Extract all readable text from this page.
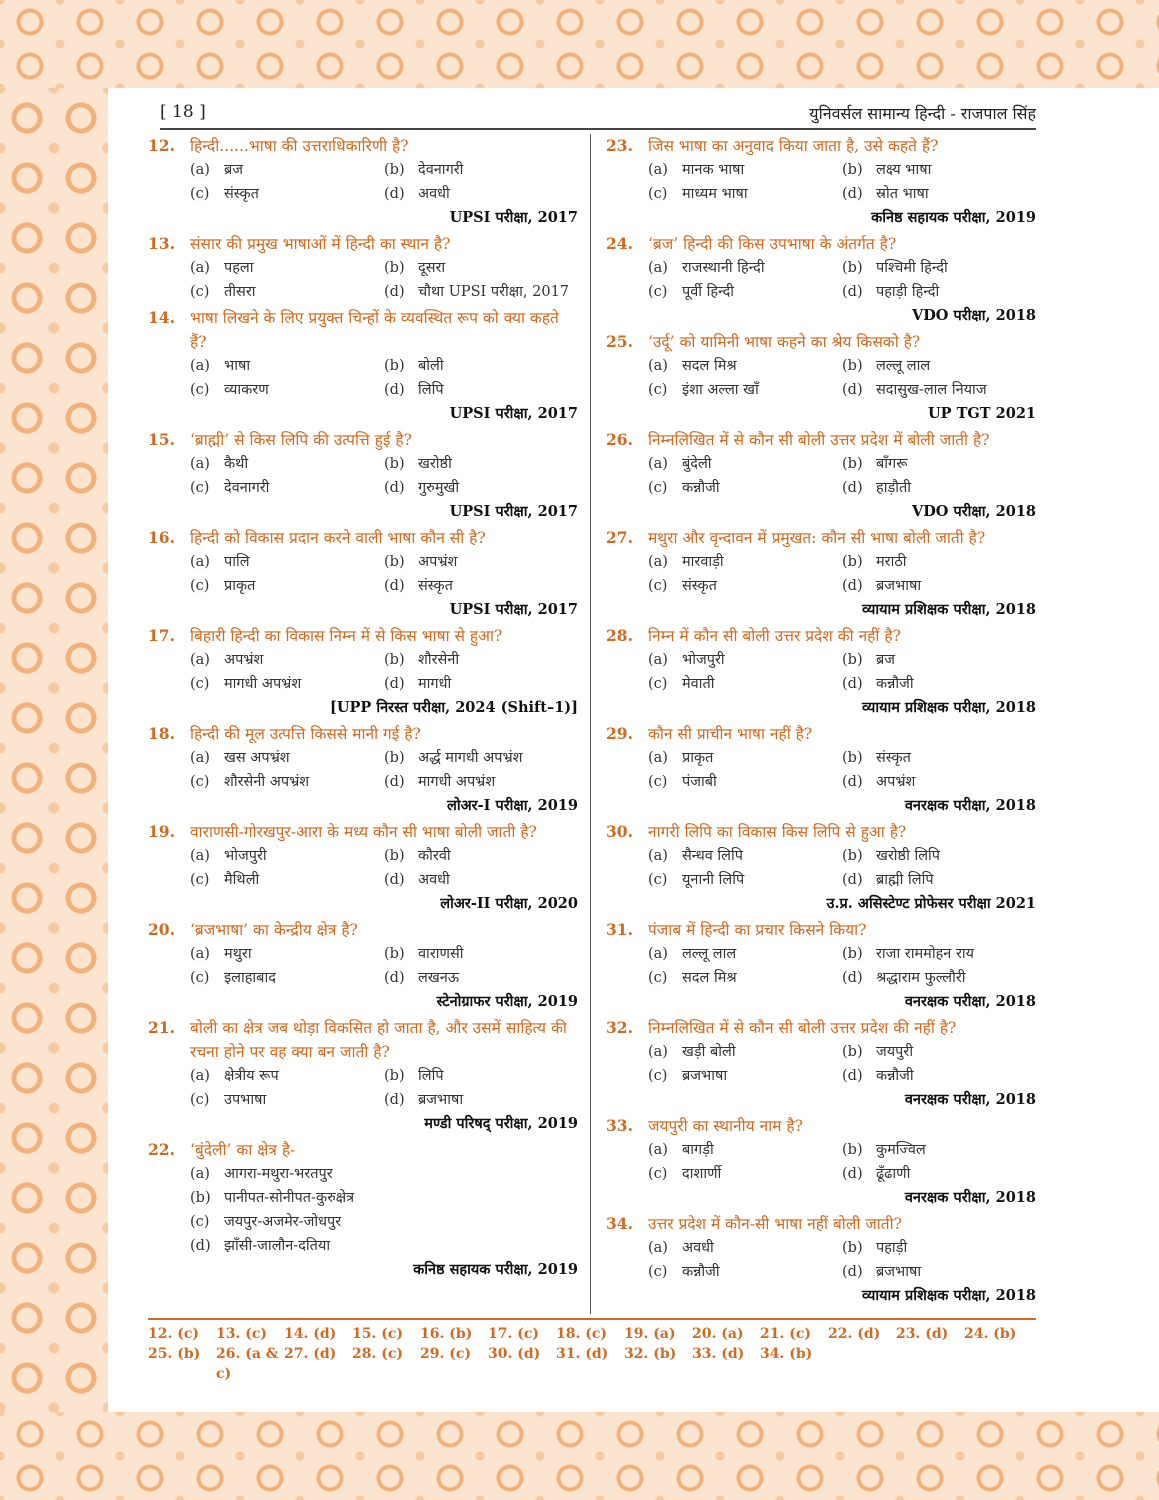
[ 18 ]	युनिवर्सल सामान्य हिन्दी - राजपाल सिंह
12. हिन्दी......भाषा की उत्तराधिकारिणी है?
(a) ब्रज	(b) देवनागरी
(c)	संस्कृत	(d) अवधी
UPSI परीक्षा, 2017
13. संसार की प्रमुख भाषाओं में हिन्दी का स्थान है?
(a) पहला	(b) दूसरा
(c)	तीसरा	(d) चौथा UPSI परीक्षा, 2017
14. भाषा लिखने के लिए प्रयुक्त चिन्हों के व्यवस्थित रूप को क्या कहते हैं?
(a) भाषा	(b) बोली
(c)	व्याकरण	(d) लिपि
UPSI परीक्षा, 2017
15. ‘ब्राह्मी’ से किस लिपि की उत्पत्ति हुई है?
(a) कैथी	(b) खरोष्ठी
(c)	देवनागरी	(d) गुरुमुखी
UPSI परीक्षा, 2017
16. हिन्दी को विकास प्रदान करने वाली भाषा कौन सी है?
(a) पालि	(b) अपभ्रंश
(c)	प्राकृत	(d) संस्कृत
UPSI परीक्षा, 2017
17. बिहारी हिन्दी का विकास निम्न में से किस भाषा से हुआ?
(a) अपभ्रंश	(b) शौरसेनी
(c)	मागधी अपभ्रंश	(d) मागधी
[UPP निरस्त परीक्षा, 2024 (Shift–1)]
18. हिन्दी की मूल उत्पत्ति किससे मानी गई है?
(a) खस अपभ्रंश	(b) अर्द्ध मागधी अपभ्रंश
(c)	शौरसेनी अपभ्रंश	(d) मागधी अपभ्रंश
लोअर-I परीक्षा, 2019
19. वाराणसी-गोरखपुर-आरा के मध्य कौन सी भाषा बोली जाती है?
(a) भोजपुरी	(b) कौरवी
(c)	मैथिली	(d) अवधी
लोअर-II परीक्षा, 2020
20. ‘ब्रजभाषा’ का केन्द्रीय क्षेत्र है?
(a) मथुरा	(b) वाराणसी
(c)	इलाहाबाद	(d) लखनऊ
स्टेनोग्राफर परीक्षा, 2019
21. बोली का क्षेत्र जब थोड़ा विकसित हो जाता है, और उसमें साहित्य की रचना होने पर वह क्या बन जाती है?
(a) क्षेत्रीय रूप	(b) लिपि
(c)	उपभाषा	(d) ब्रजभाषा
मण्डी परिषद् परीक्षा, 2019
22. ‘बुंदेली’ का क्षेत्र है-
(a) आगरा-मथुरा-भरतपुर
(b) पानीपत-सोनीपत-कुरुक्षेत्र
(c)	जयपुर-अजमेर-जोधपुर
(d) झाँसी-जालौन-दतिया
कनिष्ठ सहायक परीक्षा, 2019
23. जिस भाषा का अनुवाद किया जाता है, उसे कहते हैं?
(a) मानक भाषा	(b) लक्ष्य भाषा
(c)	माध्यम भाषा	(d) स्रोत भाषा
कनिष्ठ सहायक परीक्षा, 2019
24. ‘ब्रज’ हिन्दी की किस उपभाषा के अंतर्गत है?
(a) राजस्थानी हिन्दी	(b) पश्चिमी हिन्दी
(c)	पूर्वी हिन्दी	(d) पहाड़ी हिन्दी
VDO परीक्षा, 2018
25. ‘उर्दू’ को यामिनी भाषा कहने का श्रेय किसको है?
(a) सदल मिश्र	(b) लल्लू लाल
(c)	इंशा अल्ला खाँ	(d) सदासुख-लाल नियाज
UP TGT 2021
26. निम्नलिखित में से कौन सी बोली उत्तर प्रदेश में बोली जाती है?
(a) बुंदेली	(b) बाँगरू
(c)	कन्नौजी	(d) हाड़ौती
VDO परीक्षा, 2018
27. मथुरा और वृन्दावन में प्रमुखत: कौन सी भाषा बोली जाती है?
(a) मारवाड़ी	(b) मराठी
(c)	संस्कृत	(d) ब्रजभाषा
व्यायाम प्रशिक्षक परीक्षा, 2018
28. निम्न में कौन सी बोली उत्तर प्रदेश की नहीं है?
(a) भोजपुरी	(b) ब्रज
(c)	मेवाती	(d) कन्नौजी
व्यायाम प्रशिक्षक परीक्षा, 2018
29. कौन सी प्राचीन भाषा नहीं है?
(a) प्राकृत	(b) संस्कृत
(c)	पंजाबी	(d) अपभ्रंश
वनरक्षक परीक्षा, 2018
30. नागरी लिपि का विकास किस लिपि से हुआ है?
(a) सैन्धव लिपि	(b) खरोष्ठी लिपि
(c)	यूनानी लिपि	(d) ब्राह्मी लिपि
उ.प्र. असिस्टेण्ट प्रोफेसर परीक्षा 2021
31. पंजाब में हिन्दी का प्रचार किसने किया?
(a) लल्लू लाल	(b) राजा राममोहन राय
(c)	सदल मिश्र	(d) श्रद्धाराम फुल्लौरी
वनरक्षक परीक्षा, 2018
32. निम्नलिखित में से कौन सी बोली उत्तर प्रदेश की नहीं है?
(a) खड़ी बोली	(b) जयपुरी
(c)	ब्रजभाषा	(d) कन्नौजी
वनरक्षक परीक्षा, 2018
33. जयपुरी का स्थानीय नाम है?
(a) बागड़ी	(b) कुमज्विल
(c)	दाशार्णी	(d) ढूँढाणी
वनरक्षक परीक्षा, 2018
34. उत्तर प्रदेश में कौन-सी भाषा नहीं बोली जाती?
(a) अवधी	(b) पहाड़ी
(c)	कन्नौजी	(d) ब्रजभाषा
व्यायाम प्रशिक्षक परीक्षा, 2018
12. (c)	13. (c)	14. (d)	15. (c)	16. (b)	17. (c)	18. (c)	19. (a)	20. (a)	21. (c)	22. (d)	23. (d)	24. (b)
25. (b)	26. (a & c)
27. (d)	28. (c)	29. (c)	30. (d)	31. (d)	32. (b)	33. (d)	34. (b)
